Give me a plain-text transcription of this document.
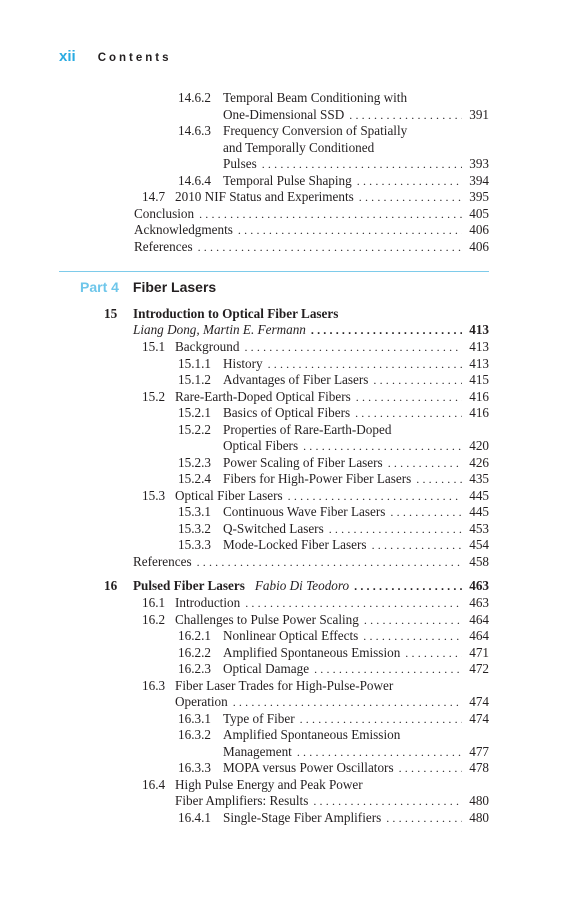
xii Contents
14.6.2 Temporal Beam Conditioning with
One-Dimensional SSD .....	391
14.6.3 Frequency Conversion of Spatially
and Temporally Conditioned
Pulses .....	393
14.6.4 Temporal Pulse Shaping .....	394
14.7 2010 NIF Status and Experiments .....	395
Conclusion .....	405
Acknowledgments .....	406
References .....	406
Part 4 Fiber Lasers
15	Introduction to Optical Fiber Lasers
Liang Dong, Martin E. Fermann .....	413
15.1 Background .....	413
15.1.1 History .....	413
15.1.2 Advantages of Fiber Lasers .....	415
15.2 Rare-Earth-Doped Optical Fibers .....	416
15.2.1 Basics of Optical Fibers .....	416
15.2.2 Properties of Rare-Earth-Doped
Optical Fibers .....	420
15.2.3 Power Scaling of Fiber Lasers .....	426
15.2.4 Fibers for High-Power Fiber Lasers .....	435
15.3 Optical Fiber Lasers .....	445
15.3.1 Continuous Wave Fiber Lasers .....	445
15.3.2 Q-Switched Lasers .....	453
15.3.3 Mode-Locked Fiber Lasers .....	454
References .....	458
16	Pulsed Fiber Lasers Fabio Di Teodoro .....	463
16.1 Introduction .....	463
16.2 Challenges to Pulse Power Scaling .....	464
16.2.1 Nonlinear Optical Effects .....	464
16.2.2 Amplified Spontaneous Emission .....	471
16.2.3 Optical Damage .....	472
16.3 Fiber Laser Trades for High-Pulse-Power
Operation .....	474
16.3.1 Type of Fiber .....	474
16.3.2 Amplified Spontaneous Emission
Management .....	477
16.3.3 MOPA versus Power Oscillators .....	478
16.4 High Pulse Energy and Peak Power
Fiber Amplifiers: Results .....	480
16.4.1 Single-Stage Fiber Amplifiers .....	480
